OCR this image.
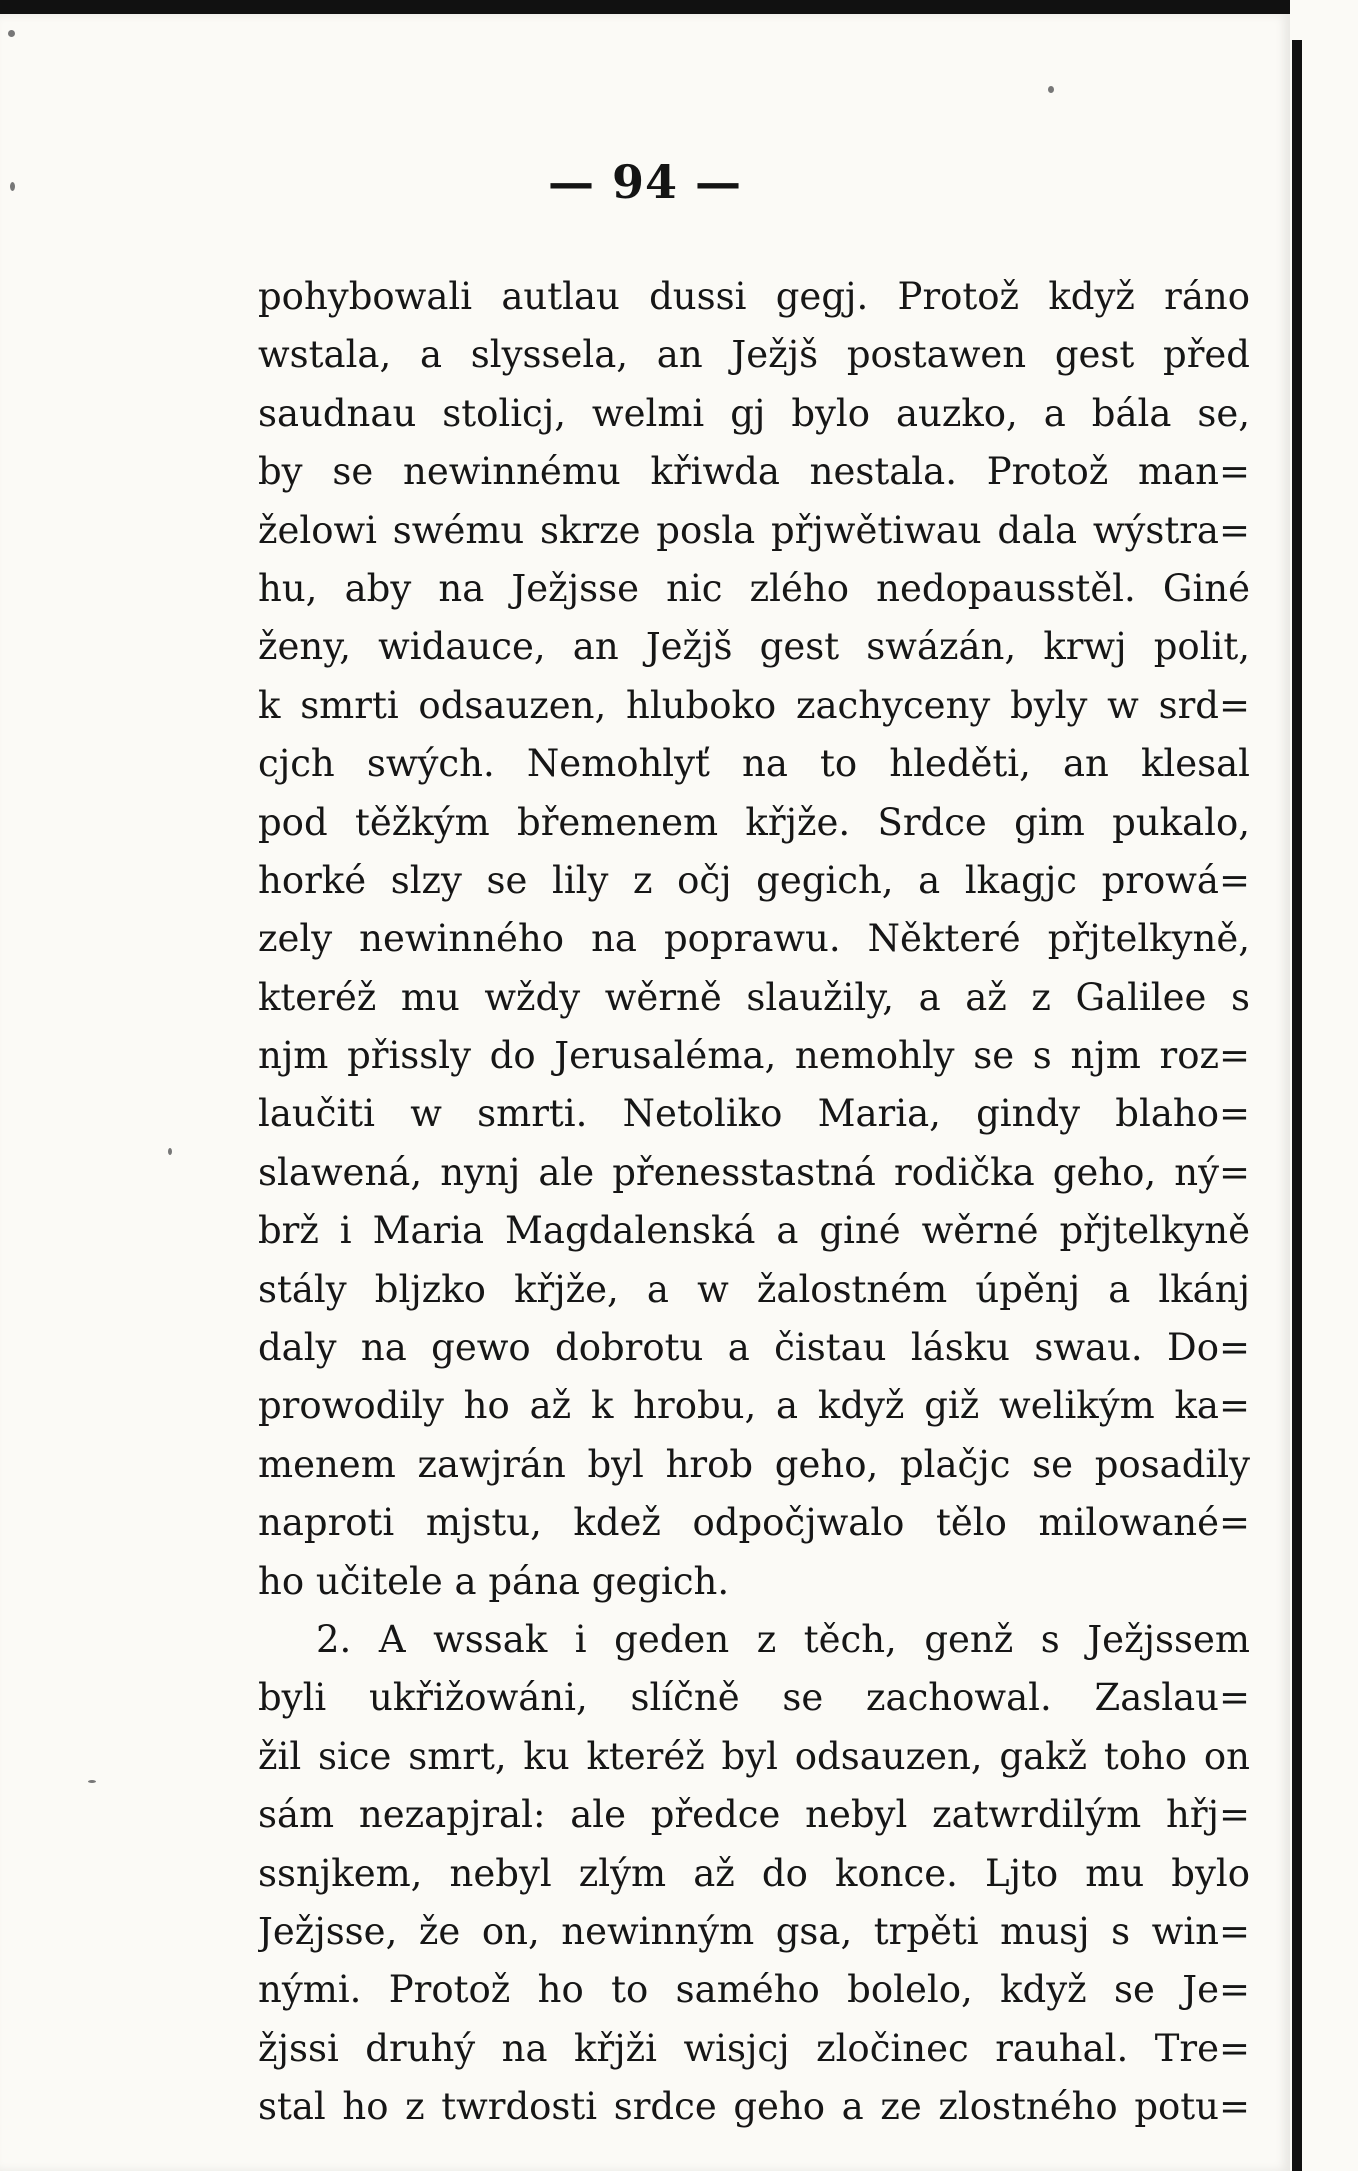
— 94 —
pohybowali autlau dussi gegj. Protož když ráno
wstala, a slyssela, an Ježjš postawen gest před
saudnau stolicj, welmi gj bylo auzko, a bála se,
by se newinnému křiwda nestala. Protož man=
želowi swému skrze posla přjwětiwau dala wýstra=
hu, aby na Ježjsse nic zlého nedopausstěl. Giné
ženy, widauce, an Ježjš gest swázán, krwj polit,
k smrti odsauzen, hluboko zachyceny byly w srd=
cjch swých. Nemohlyť na to hleděti, an klesal
pod těžkým břemenem křjže. Srdce gim pukalo,
horké slzy se lily z očj gegich, a lkagjc prowá=
zely newinného na poprawu. Některé přjtelkyně,
kteréž mu wždy wěrně slaužily, a až z Galilee s
njm přissly do Jerusaléma, nemohly se s njm roz=
laučiti w smrti. Netoliko Maria, gindy blaho=
slawená, nynj ale přenesstastná rodička geho, ný=
brž i Maria Magdalenská a giné wěrné přjtelkyně
stály bljzko křjže, a w žalostném úpěnj a lkánj
daly na gewo dobrotu a čistau lásku swau. Do=
prowodily ho až k hrobu, a když giž welikým ka=
menem zawjrán byl hrob geho, plačjc se posadily
naproti mjstu, kdež odpočjwalo tělo milowané=
ho učitele a pána gegich.
2. A wssak i geden z těch, genž s Ježjssem
byli ukřižowáni, slíčně se zachowal. Zaslau=
žil sice smrt, ku kteréž byl odsauzen, gakž toho on
sám nezapjral: ale předce nebyl zatwrdilým hřj=
ssnjkem, nebyl zlým až do konce. Ljto mu bylo
Ježjsse, že on, newinným gsa, trpěti musj s win=
nými. Protož ho to samého bolelo, když se Je=
žjssi druhý na křjži wisjcj zločinec rauhal. Tre=
stal ho z twrdosti srdce geho a ze zlostného potu=
